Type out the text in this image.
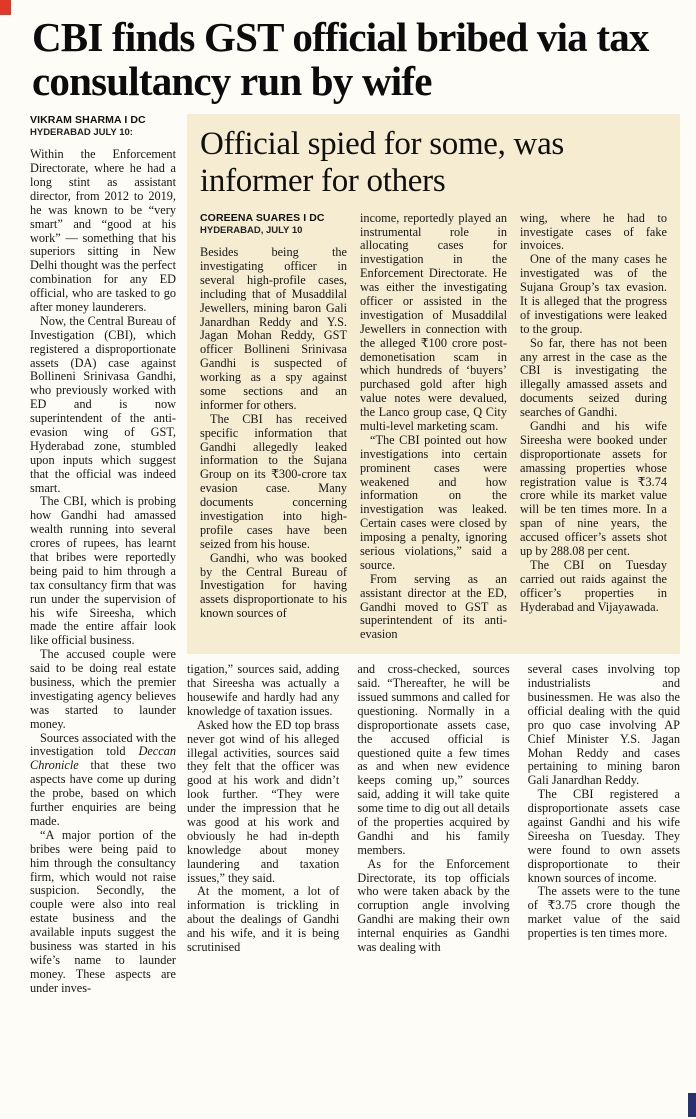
CBI finds GST official bribed via tax consultancy run by wife
VIKRAM SHARMA I DC
HYDERABAD JULY 10:

Within the Enforcement Directorate, where he had a long stint as assistant director, from 2012 to 2019, he was known to be “very smart” and “good at his work” — something that his superiors sitting in New Delhi thought was the perfect combination for any ED official, who are tasked to go after money launderers.

Now, the Central Bureau of Investigation (CBI), which registered a disproportionate assets (DA) case against Bollineni Srinivasa Gandhi, who previously worked with ED and is now superintendent of the anti-evasion wing of GST, Hyderabad zone, stumbled upon inputs which suggest that the official was indeed smart.

The CBI, which is probing how Gandhi had amassed wealth running into several crores of rupees, has learnt that bribes were reportedly being paid to him through a tax consultancy firm that was run under the supervision of his wife Sireesha, which made the entire affair look like official business.

The accused couple were said to be doing real estate business, which the premier investigating agency believes was started to launder money.

Sources associated with the investigation told Deccan Chronicle that these two aspects have come up during the probe, based on which further enquiries are being made.

“A major portion of the bribes were being paid to him through the consultancy firm, which would not raise suspicion. Secondly, the couple were also into real estate business and the available inputs suggest the business was started in his wife’s name to launder money. These aspects are under inves-

Official spied for some, was informer for others
COREENA SUARES I DC
HYDERABAD, JULY 10

Besides being the investigating officer in several high-profile cases, including that of Musaddilal Jewellers, mining baron Gali Janardhan Reddy and Y.S. Jagan Mohan Reddy, GST officer Bollineni Srinivasa Gandhi is suspected of working as a spy against some sections and an informer for others.

The CBI has received specific information that Gandhi allegedly leaked information to the Sujana Group on its ₹300-crore tax evasion case. Many documents concerning investigation into high-profile cases have been seized from his house.

Gandhi, who was booked by the Central Bureau of Investigation for having assets disproportionate to his known sources of

income, reportedly played an instrumental role in allocating cases for investigation in the Enforcement Directorate. He was either the investigating officer or assisted in the investigation of Musaddilal Jewellers in connection with the alleged ₹100 crore post-demonetisation scam in which hundreds of ‘buyers’ purchased gold after high value notes were devalued, the Lanco group case, Q City multi-level marketing scam.

“The CBI pointed out how investigations into certain prominent cases were weakened and how information on the investigation was leaked. Certain cases were closed by imposing a penalty, ignoring serious violations,” said a source.

From serving as an assistant director at the ED, Gandhi moved to GST as superintendent of its anti-evasion

wing, where he had to investigate cases of fake invoices.

One of the many cases he investigated was of the Sujana Group’s tax evasion. It is alleged that the progress of investigations were leaked to the group.

So far, there has not been any arrest in the case as the CBI is investigating the illegally amassed assets and documents seized during searches of Gandhi.

Gandhi and his wife Sireesha were booked under disproportionate assets for amassing properties whose registration value is ₹3.74 crore while its market value will be ten times more. In a span of nine years, the accused officer’s assets shot up by 288.08 per cent.

The CBI on Tuesday carried out raids against the officer’s properties in Hyderabad and Vijayawada.

tigation,” sources said, adding that Sireesha was actually a housewife and hardly had any knowledge of taxation issues.

Asked how the ED top brass never got wind of his alleged illegal activities, sources said they felt that the officer was good at his work and didn’t look further. “They were under the impression that he was good at his work and obviously he had in-depth knowledge about money laundering and taxation issues,” they said.

At the moment, a lot of information is trickling in about the dealings of Gandhi and his wife, and it is being scrutinised

and cross-checked, sources said. “Thereafter, he will be issued summons and called for questioning. Normally in a disproportionate assets case, the accused official is questioned quite a few times as and when new evidence keeps coming up,” sources said, adding it will take quite some time to dig out all details of the properties acquired by Gandhi and his family members.

As for the Enforcement Directorate, its top officials who were taken aback by the corruption angle involving Gandhi are making their own internal enquiries as Gandhi was dealing with

several cases involving top industrialists and businessmen. He was also the official dealing with the quid pro quo case involving AP Chief Minister Y.S. Jagan Mohan Reddy and cases pertaining to mining baron Gali Janardhan Reddy.

The CBI registered a disproportionate assets case against Gandhi and his wife Sireesha on Tuesday. They were found to own assets disproportionate to their known sources of income.

The assets were to the tune of ₹3.75 crore though the market value of the said properties is ten times more.
